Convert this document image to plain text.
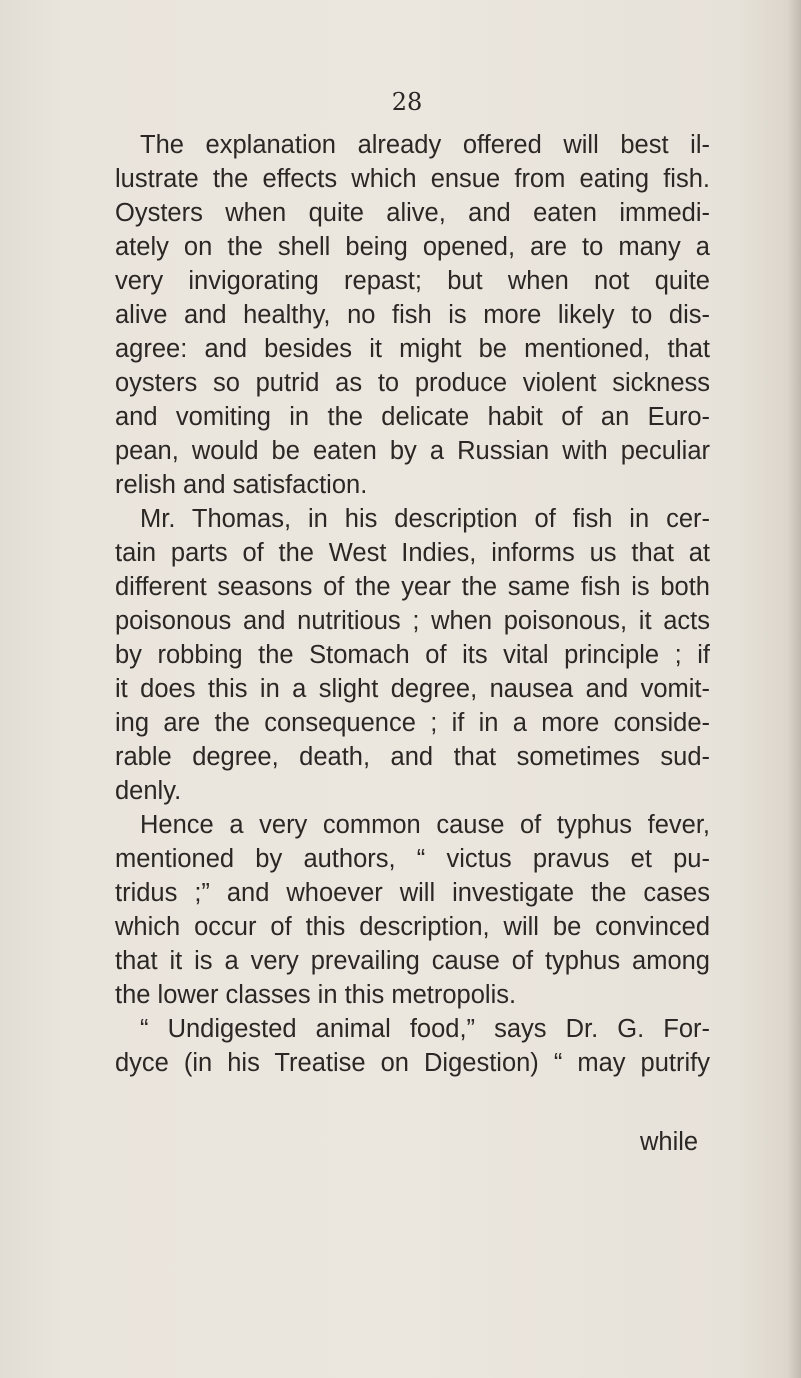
28

The explanation already offered will best il-
lustrate the effects which ensue from eating fish.
Oysters when quite alive, and eaten immedi-
ately on the shell being opened, are to many a
very invigorating repast; but when not quite
alive and healthy, no fish is more likely to dis-
agree: and besides it might be mentioned, that
oysters so putrid as to produce violent sickness
and vomiting in the delicate habit of an Euro-
pean, would be eaten by a Russian with peculiar
relish and satisfaction.

Mr. Thomas, in his description of fish in cer-
tain parts of the West Indies, informs us that at
different seasons of the year the same fish is both
poisonous and nutritious ; when poisonous, it acts
by robbing the Stomach of its vital principle ; if
it does this in a slight degree, nausea and vomit-
ing are the consequence ; if in a more conside-
rable degree, death, and that sometimes sud-
denly.

Hence a very common cause of typhus fever,
mentioned by authors, “ victus pravus et pu-
tridus ;” and whoever will investigate the cases
which occur of this description, will be convinced
that it is a very prevailing cause of typhus among
the lower classes in this metropolis.

“ Undigested animal food,” says Dr. G. For-
dyce (in his Treatise on Digestion) “ may putrify

while
